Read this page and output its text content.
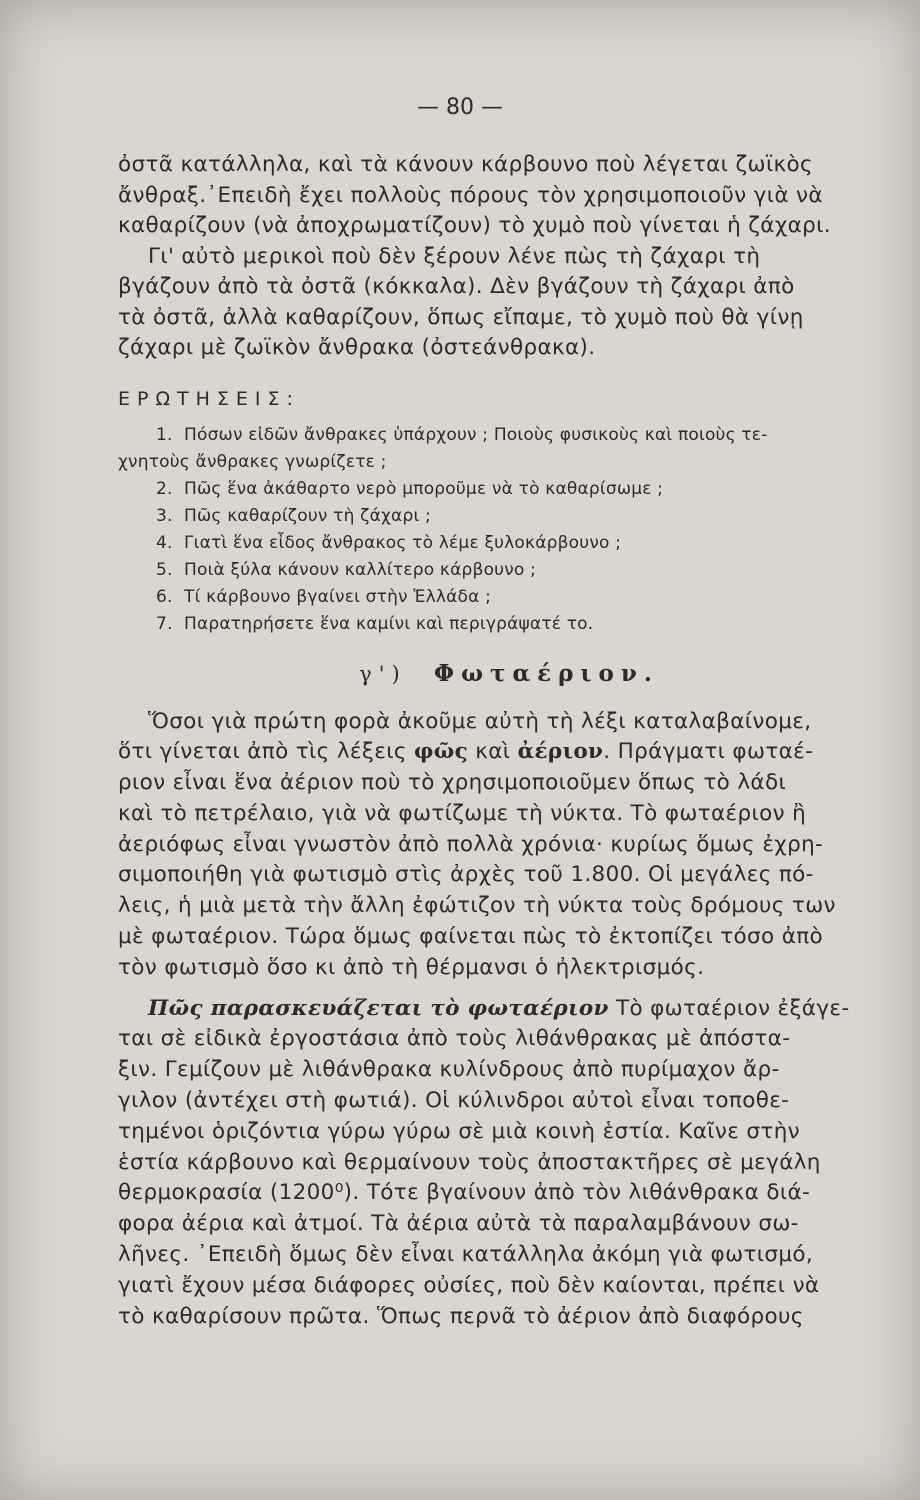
— 80 —
ὀστᾶ κατάλληλα, καὶ τὰ κάνουν κάρβουνο ποὺ λέγεται ζωϊκὸς
ἄνθραξ.᾿Επειδὴ ἔχει πολλοὺς πόρους τὸν χρησιμοποιοῦν γιὰ νὰ
καθαρίζουν (νὰ ἀποχρωματίζουν) τὸ χυμὸ ποὺ γίνεται ἡ ζάχαρι.
Γι' αὐτὸ μερικοὶ ποὺ δὲν ξέρουν λένε πὼς τὴ ζάχαρι τὴ
βγάζουν ἀπὸ τὰ ὀστᾶ (κόκκαλα). Δὲν βγάζουν τὴ ζάχαρι ἀπὸ
τὰ ὀστᾶ, ἀλλὰ καθαρίζουν, ὅπως εἴπαμε, τὸ χυμὸ ποὺ θὰ γίνῃ
ζάχαρι μὲ ζωϊκὸν ἄνθρακα (ὀστεάνθρακα).
ΕΡΩΤΗΣΕΙΣ:
1. Πόσων εἰδῶν ἄνθρακες ὑπάρχουν ; Ποιοὺς φυσικοὺς καὶ ποιοὺς τε-
χνητοὺς ἄνθρακες γνωρίζετε ;
2. Πῶς ἕνα ἀκάθαρτο νερὸ μποροῦμε νὰ τὸ καθαρίσωμε ;
3. Πῶς καθαρίζουν τὴ ζάχαρι ;
4. Γιατὶ ἕνα εἶδος ἄνθρακος τὸ λέμε ξυλοκάρβουνο ;
5. Ποιὰ ξύλα κάνουν καλλίτερο κάρβουνο ;
6. Τί κάρβουνο βγαίνει στὴν Ἑλλάδα ;
7. Παρατηρήσετε ἕνα καμίνι καὶ περιγράψατέ το.
γ') Φωταέριον.
Ὅσοι γιὰ πρώτη φορὰ ἀκοῦμε αὐτὴ τὴ λέξι καταλαβαίνομε,
ὅτι γίνεται ἀπὸ τὶς λέξεις φῶς καὶ ἀέριον. Πράγματι φωταέ-
ριον εἶναι ἕνα ἀέριον ποὺ τὸ χρησιμοποιοῦμεν ὅπως τὸ λάδι
καὶ τὸ πετρέλαιο, γιὰ νὰ φωτίζωμε τὴ νύκτα. Τὸ φωταέριον ἢ
ἀεριόφως εἶναι γνωστὸν ἀπὸ πολλὰ χρόνια· κυρίως ὅμως ἐχρη-
σιμοποιήθη γιὰ φωτισμὸ στὶς ἀρχὲς τοῦ 1.800. Οἱ μεγάλες πό-
λεις, ἡ μιὰ μετὰ τὴν ἄλλη ἐφώτιζον τὴ νύκτα τοὺς δρόμους των
μὲ φωταέριον. Τώρα ὅμως φαίνεται πὼς τὸ ἐκτοπίζει τόσο ἀπὸ
τὸν φωτισμὸ ὅσο κι ἀπὸ τὴ θέρμανσι ὁ ἠλεκτρισμός.
Πῶς παρασκευάζεται τὸ φωταέριον Τὸ φωταέριον ἐξάγε-
ται σὲ εἰδικὰ ἐργοστάσια ἀπὸ τοὺς λιθάνθρακας μὲ ἀπόστα-
ξιν. Γεμίζουν μὲ λιθάνθρακα κυλίνδρους ἀπὸ πυρίμαχον ἄρ-
γιλον (ἀντέχει στὴ φωτιά). Οἱ κύλινδροι αὐτοὶ εἶναι τοποθε-
τημένοι ὁριζόντια γύρω γύρω σὲ μιὰ κοινὴ ἑστία. Καῖνε στὴν
ἑστία κάρβουνο καὶ θερμαίνουν τοὺς ἀποστακτῆρες σὲ μεγάλη
θερμοκρασία (1200⁰). Τότε βγαίνουν ἀπὸ τὸν λιθάνθρακα διά-
φορα ἀέρια καὶ ἀτμοί. Τὰ ἀέρια αὐτὰ τὰ παραλαμβάνουν σω-
λῆνες. ᾿Επειδὴ ὅμως δὲν εἶναι κατάλληλα ἀκόμη γιὰ φωτισμό,
γιατὶ ἔχουν μέσα διάφορες οὐσίες, ποὺ δὲν καίονται, πρέπει νὰ
τὸ καθαρίσουν πρῶτα. Ὅπως περνᾶ τὸ ἀέριον ἀπὸ διαφόρους
